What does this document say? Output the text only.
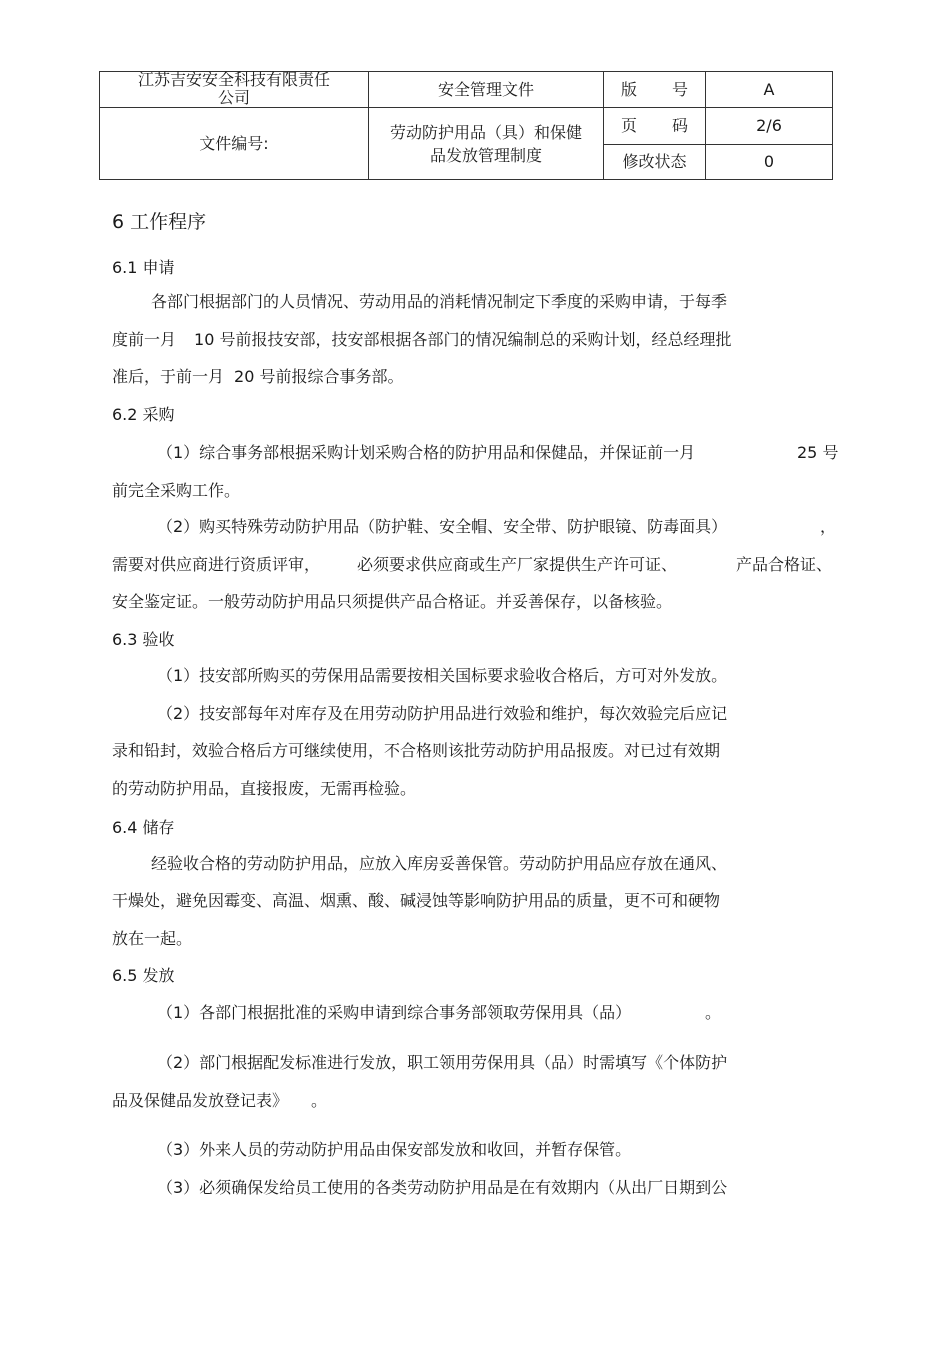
江苏吉安安全科技有限责任公司	安全管理文件	版 号	A
文件编号:	劳动防护用品（具）和保健品发放管理制度	页 码	2/6
		修改状态	0
6 工作程序
6.1 申请
各部门根据部门的人员情况、劳动用品的消耗情况制定下季度的采购申请，于每季
度前一月 10 号前报技安部，技安部根据各部门的情况编制总的采购计划，经总经理批
准后，于前一月 20 号前报综合事务部。
6.2 采购
（1）综合事务部根据采购计划采购合格的防护用品和保健品，并保证前一月	25 号
前完全采购工作。
（2）购买特殊劳动防护用品（防护鞋、安全帽、安全带、防护眼镜、防毒面具）	，
需要对供应商进行资质评审， 必须要求供应商或生产厂家提供生产许可证、	产品合格证、
安全鉴定证。一般劳动防护用品只须提供产品合格证。并妥善保存，以备核验。
6.3 验收
（1）技安部所购买的劳保用品需要按相关国标要求验收合格后，方可对外发放。
（2）技安部每年对库存及在用劳动防护用品进行效验和维护，每次效验完后应记
录和铅封，效验合格后方可继续使用，不合格则该批劳动防护用品报废。对已过有效期
的劳动防护用品，直接报废，无需再检验。
6.4 储存
经验收合格的劳动防护用品，应放入库房妥善保管。劳动防护用品应存放在通风、
干燥处，避免因霉变、高温、烟熏、酸、碱浸蚀等影响防护用品的质量，更不可和硬物
放在一起。
6.5 发放
（1）各部门根据批准的采购申请到综合事务部领取劳保用具（品）	。
（2）部门根据配发标准进行发放，职工领用劳保用具（品）时需填写《个体防护
品及保健品发放登记表》 。
（3）外来人员的劳动防护用品由保安部发放和收回，并暂存保管。
（3）必须确保发给员工使用的各类劳动防护用品是在有效期内（从出厂日期到公
